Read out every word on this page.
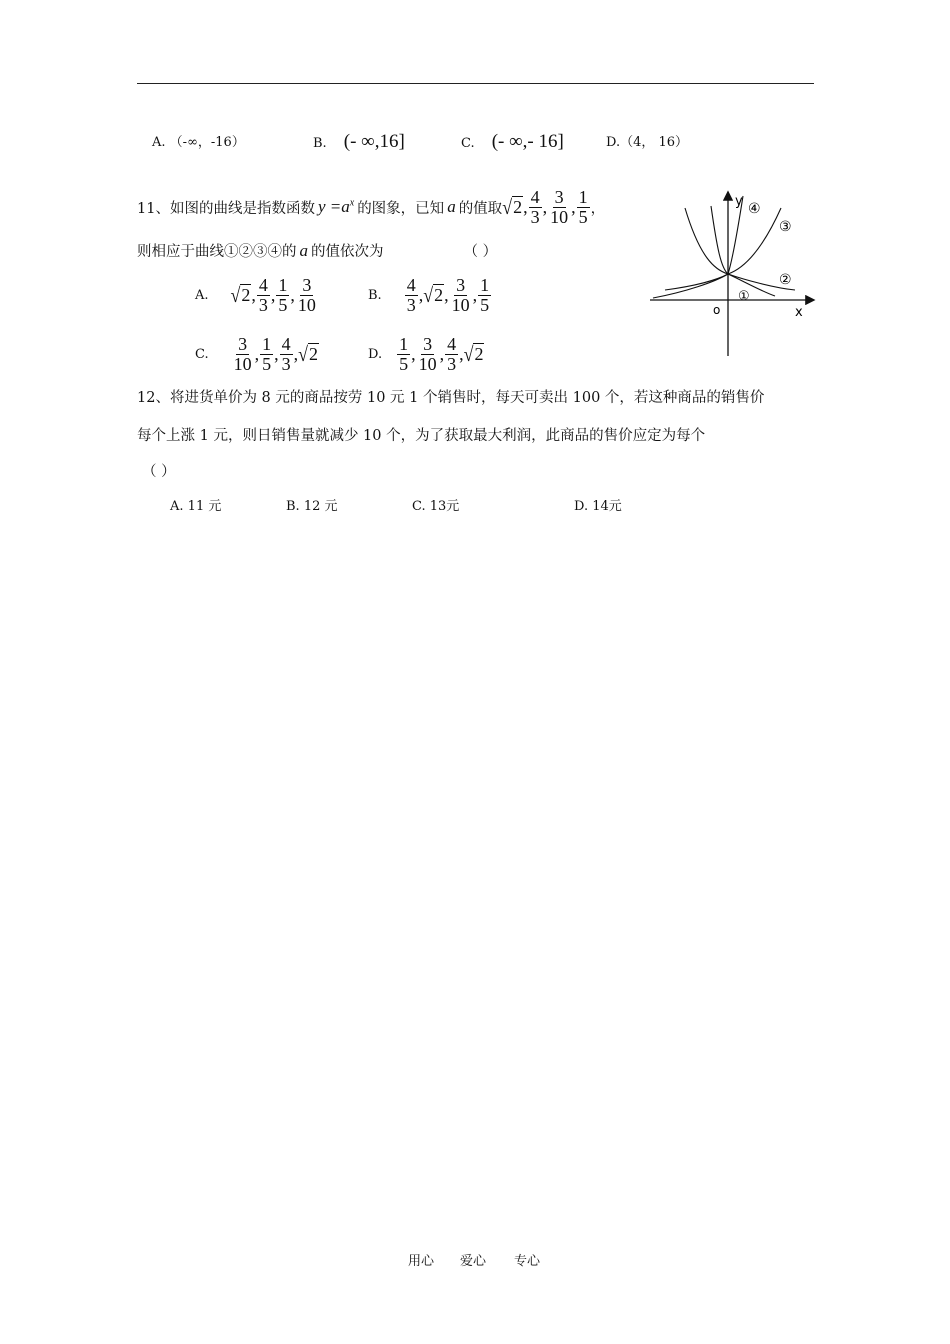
A. （-∞，-16）	B. (- ∞,16]	C. (- ∞,- 16]	D.（4， 16）
11、如图的曲线是指数函数 $y =a^x$ 的图象，已知 a 的值取 √2 , $\frac{4}{3}$ , $\frac{3}{10}$ , $\frac{1}{5}$ ，
则相应于曲线①②③④的 a 的值依次为	（ ）
A. √2 , $\frac{4}{3}$ , $\frac{1}{5}$ , $\frac{3}{10}$	B. $\frac{4}{3}$ , √2 , $\frac{3}{10}$ , $\frac{1}{5}$
C. $\frac{3}{10}$ , $\frac{1}{5}$ , $\frac{4}{3}$ , √2	D. $\frac{1}{5}$ , $\frac{3}{10}$ , $\frac{4}{3}$ , √2
y
x
o
①
②
③
④
12、将进货单价为 8 元的商品按劳 10 元 1 个销售时，每天可卖出 100 个，若这种商品的销售价
每个上涨 1 元，则日销售量就减少 10 个，为了获取最大利润，此商品的售价应定为每个
（ ）
A. 11 元	B. 12 元	C. 13元	D. 14元
用心 爱心 专心
